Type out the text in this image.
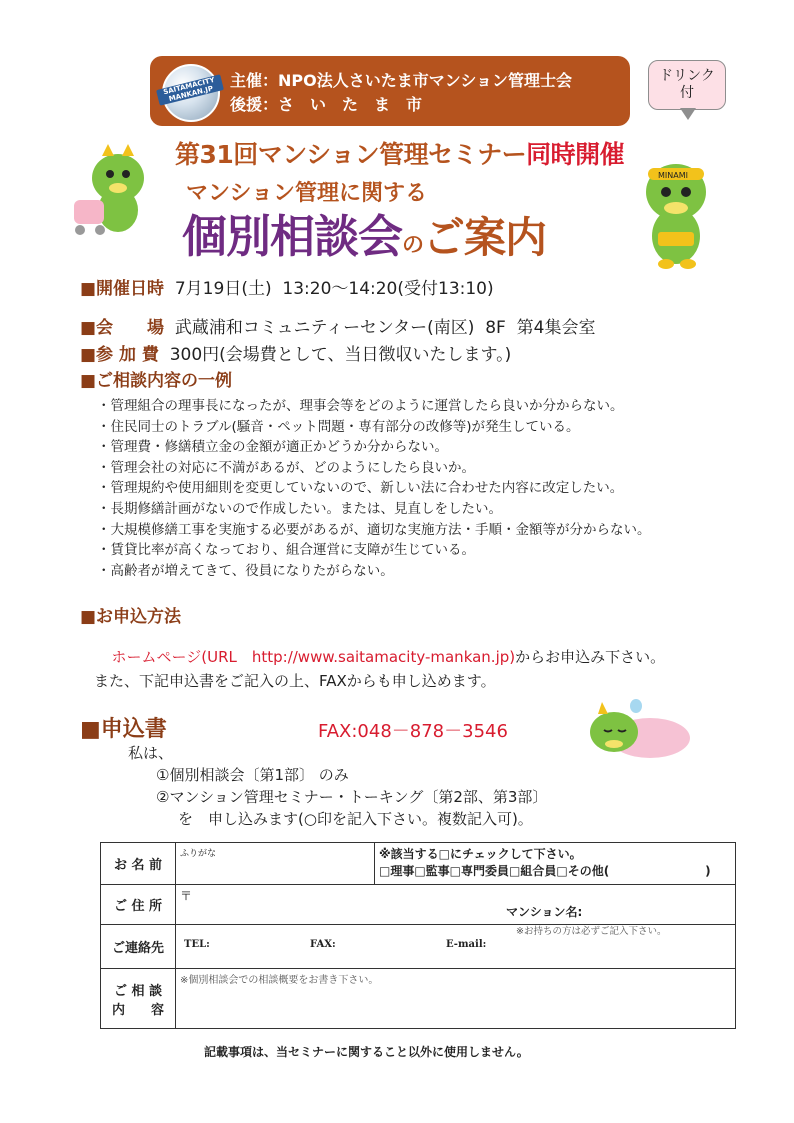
SAITAMACITY MANKAN.JP
主催：NPO法人さいたま市マンション管理士会
後援：さ　い　た　ま　市
ドリンク
付
MINAMI
第31回マンション管理セミナー同時開催
マンション管理に関する
個別相談会のご案内
■開催日時  7月19日(土)  13:20～14:20(受付13:10)
■会　　場  武蔵浦和コミュニティーセンター(南区)  8F  第4集会室
■参 加 費  300円(会場費として、当日徴収いたします。)
■ご相談内容の一例
・管理組合の理事長になったが、理事会等をどのように運営したら良いか分からない。
・住民同士のトラブル(騒音・ペット問題・専有部分の改修等)が発生している。
・管理費・修繕積立金の金額が適正かどうか分からない。
・管理会社の対応に不満があるが、どのようにしたら良いか。
・管理規約や使用細則を変更していないので、新しい法に合わせた内容に改定したい。
・長期修繕計画がないので作成したい。または、見直しをしたい。
・大規模修繕工事を実施する必要があるが、適切な実施方法・手順・金額等が分からない。
・賃貸比率が高くなっており、組合運営に支障が生じている。
・高齢者が増えてきて、役員になりたがらない。
■お申込方法

ホームページ(URL　http://www.saitamacity-mankan.jp)からお申込み下さい。

また、下記申込書をご記入の上、FAXからも申し込めます。
■申込書	FAX:048－878－3546
私は、
①個別相談会〔第1部〕 のみ
②マンション管理セミナー・トーキング〔第2部、第3部〕
を　申し込みます(○印を記入下さい。複数記入可)。
お 名 前	ふりがな	※該当する□にチェックして下さい。
□理事□監事□専門委員□組合員□その他(　　　　　　　　)

ご 住 所	〒
マンション名:	

ご連絡先	※お持ちの方は必ずご記入下さい。
TEL: FAX: E-mail:	

ご 相 談
内　　容	※個別相談会での相談概要をお書き下さい。	
記載事項は、当セミナーに関すること以外に使用しません。
